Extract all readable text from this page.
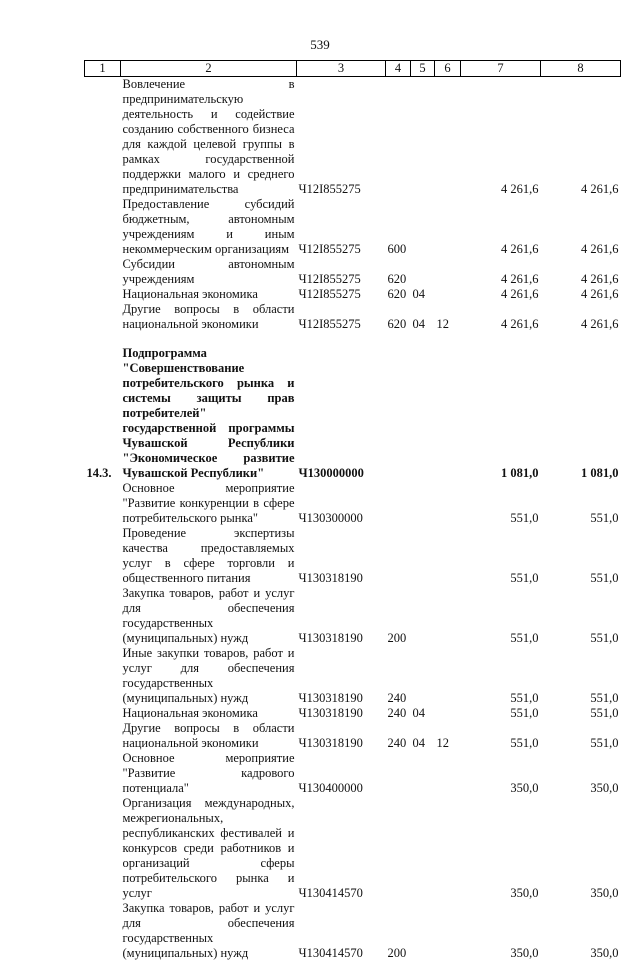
539
1	2	3	4	5	6	7	8
	Вовлечение в предпринимательскую деятельность и содействие созданию собственного бизнеса для каждой целевой группы в рамках государственной поддержки малого и среднего предпринимательства	Ч12I855275				4 261,6	4 261,6
	Предоставление субсидий бюджетным, автономным учреждениям и иным некоммерческим организациям	Ч12I855275	600			4 261,6	4 261,6
	Субсидии автономным учреждениям	Ч12I855275	620			4 261,6	4 261,6
	Национальная экономика	Ч12I855275	620	04		4 261,6	4 261,6
	Другие вопросы в области национальной экономики	Ч12I855275	620	04	12	4 261,6	4 261,6

14.3.	Подпрограмма "Совершенствование потребительского рынка и системы защиты прав потребителей" государственной программы Чувашской Республики "Экономическое развитие Чувашской Республики"	Ч130000000				1 081,0	1 081,0
	Основное мероприятие "Развитие конкуренции в сфере потребительского рынка"	Ч130300000				551,0	551,0
	Проведение экспертизы качества предоставляемых услуг в сфере торговли и общественного питания	Ч130318190				551,0	551,0
	Закупка товаров, работ и услуг для обеспечения государственных (муниципальных) нужд	Ч130318190	200			551,0	551,0
	Иные закупки товаров, работ и услуг для обеспечения государственных (муниципальных) нужд	Ч130318190	240			551,0	551,0
	Национальная экономика	Ч130318190	240	04		551,0	551,0
	Другие вопросы в области национальной экономики	Ч130318190	240	04	12	551,0	551,0
	Основное мероприятие "Развитие кадрового потенциала"	Ч130400000				350,0	350,0
	Организация международных, межрегиональных, республиканских фестивалей и конкурсов среди работников и организаций сферы потребительского рынка и услуг	Ч130414570				350,0	350,0
	Закупка товаров, работ и услуг для обеспечения государственных (муниципальных) нужд	Ч130414570	200			350,0	350,0
